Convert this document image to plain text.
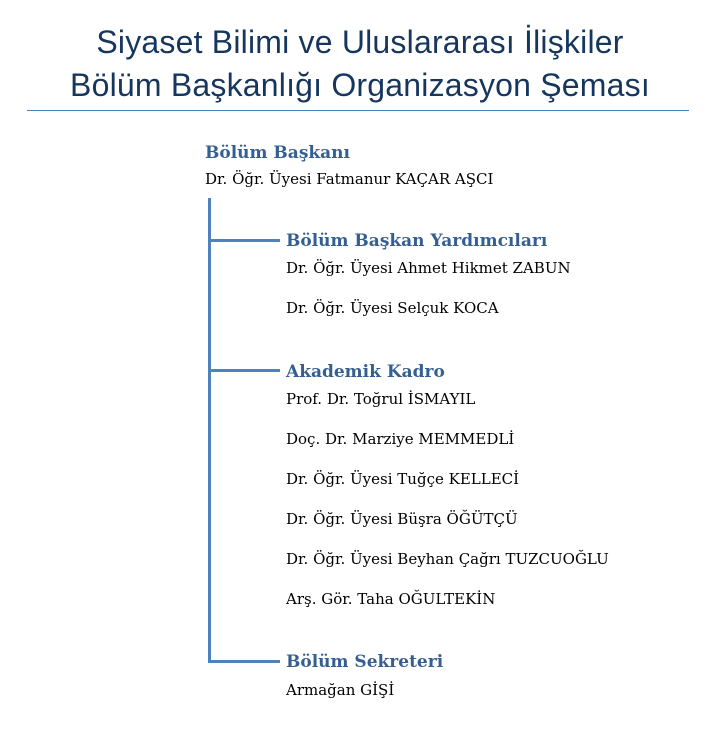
Siyaset Bilimi ve Uluslararası İlişkiler
Bölüm Başkanlığı Organizasyon Şeması
Bölüm Başkanı
Dr. Öğr. Üyesi Fatmanur KAÇAR AŞCI
Bölüm Başkan Yardımcıları
Dr. Öğr. Üyesi Ahmet Hikmet ZABUN
Dr. Öğr. Üyesi Selçuk KOCA
Akademik Kadro
Prof. Dr. Toğrul İSMAYIL
Doç. Dr. Marziye MEMMEDLİ
Dr. Öğr. Üyesi Tuğçe KELLECİ
Dr. Öğr. Üyesi Büşra ÖĞÜTÇÜ
Dr. Öğr. Üyesi Beyhan Çağrı TUZCUOĞLU
Arş. Gör. Taha OĞULTEKİN
Bölüm Sekreteri
Armağan GİŞİ
